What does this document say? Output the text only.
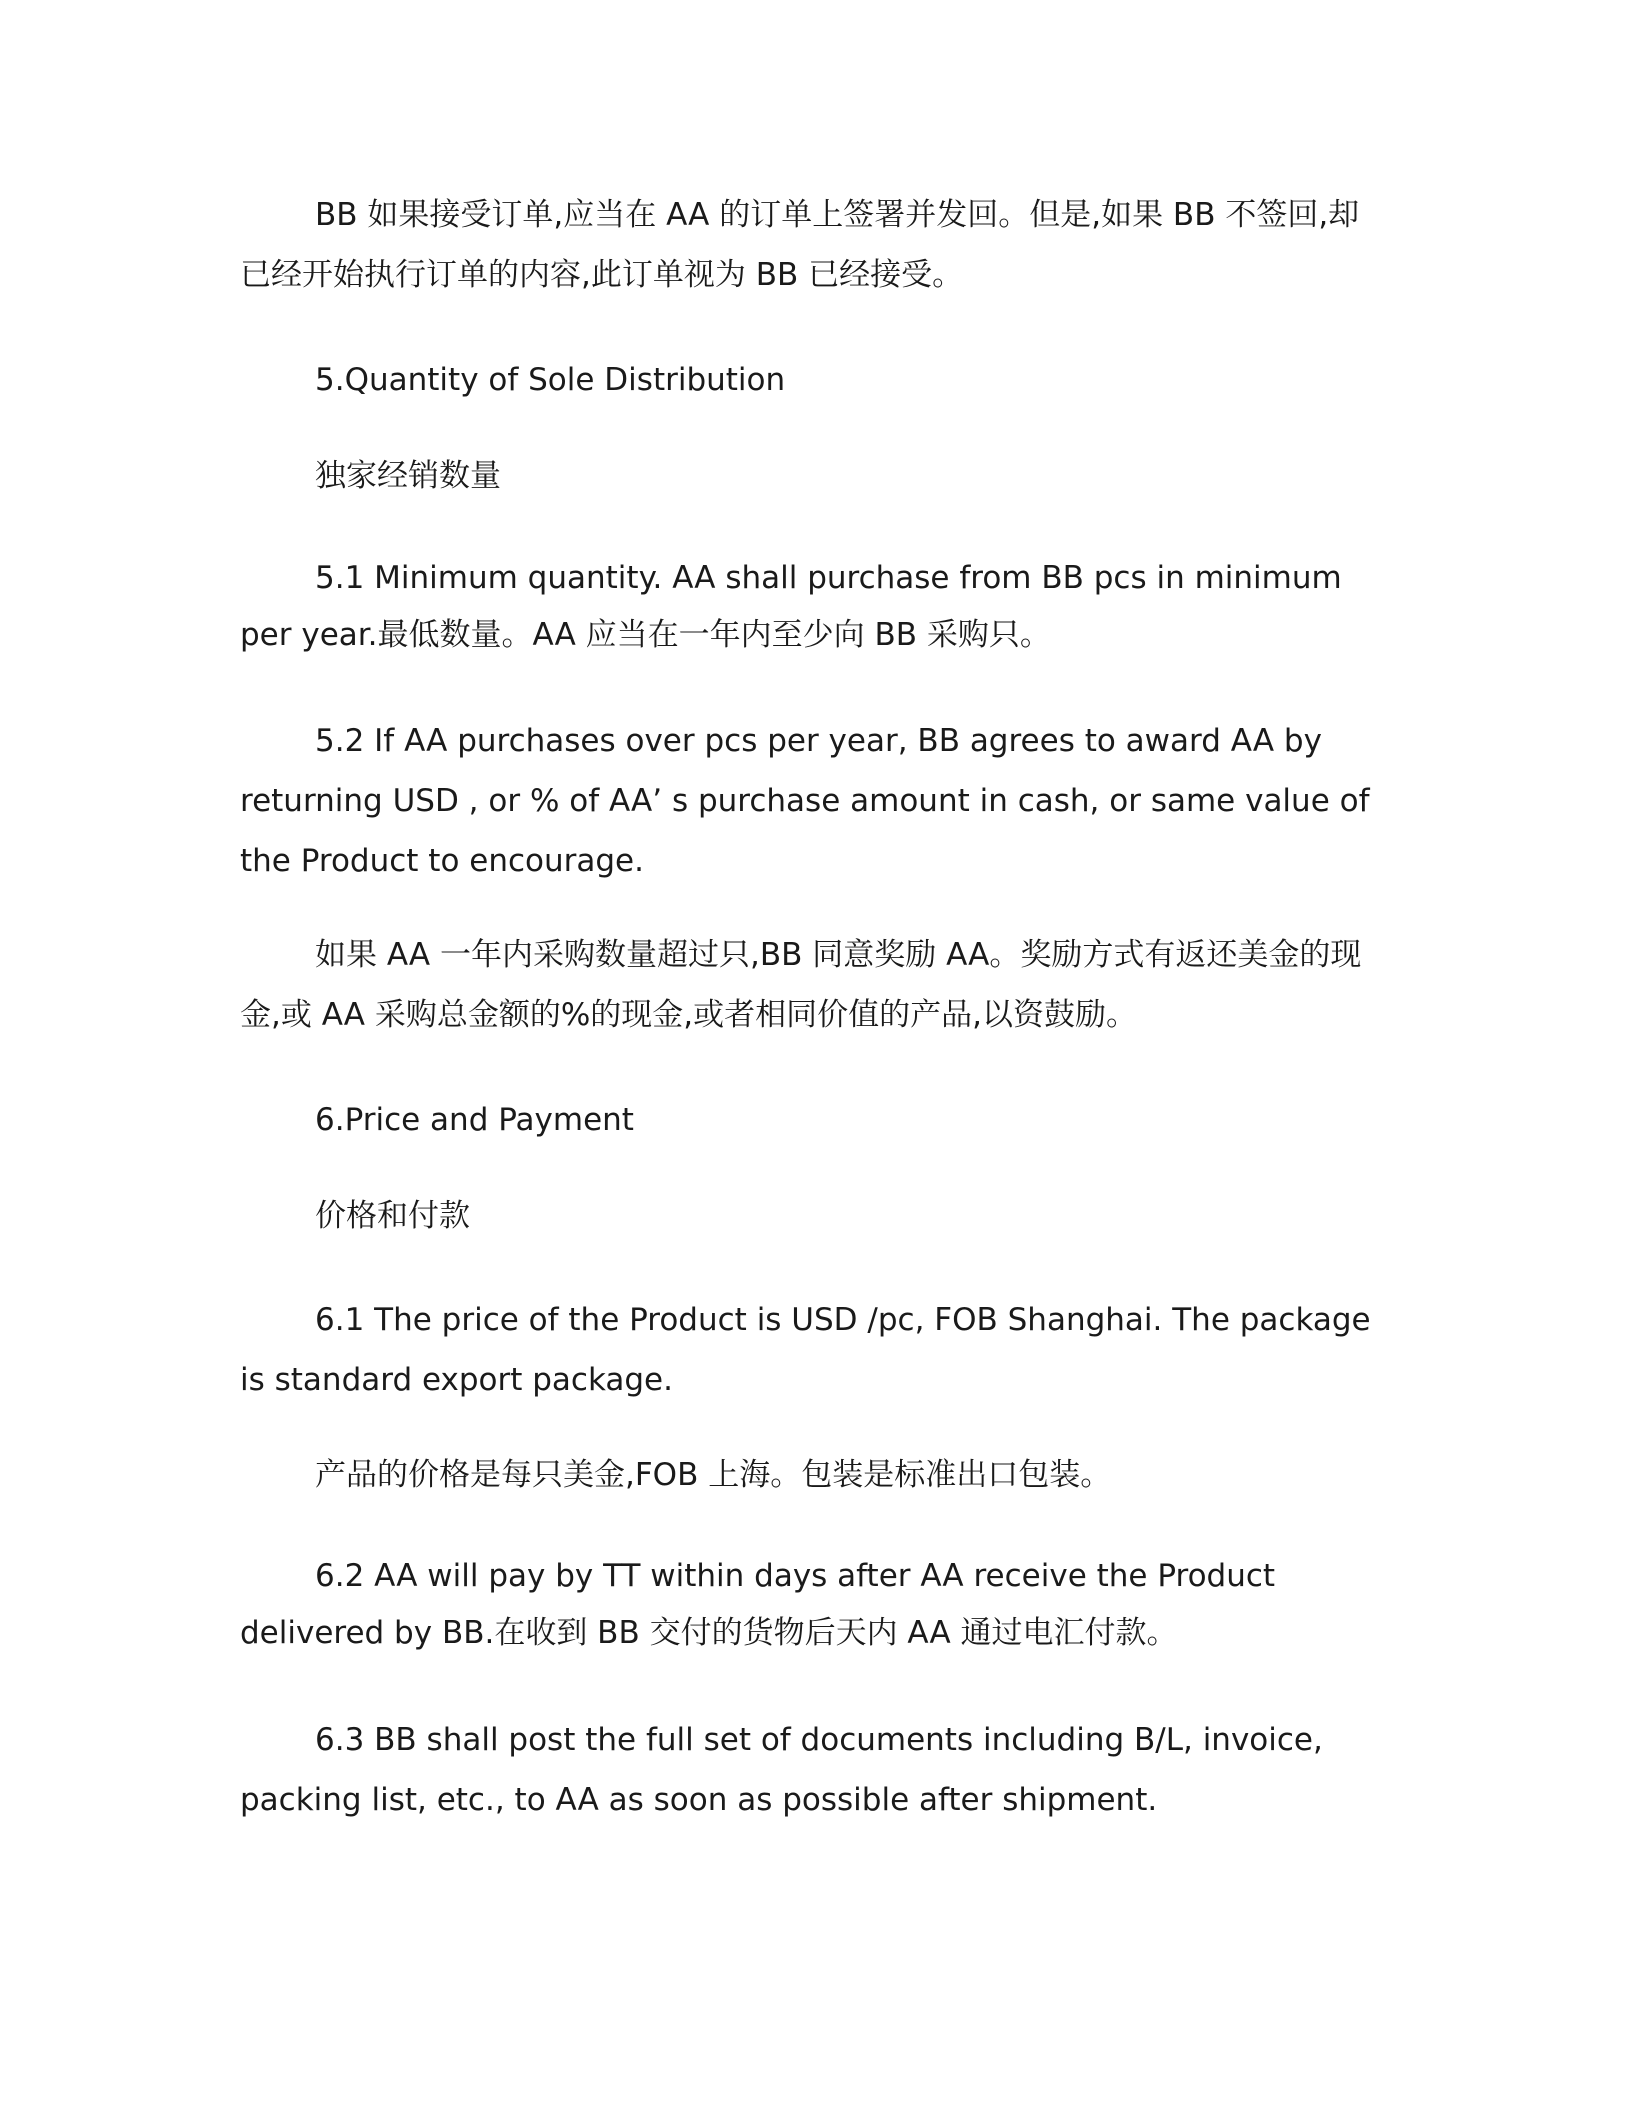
BB 如果接受订单,应当在 AA 的订单上签署并发回。但是,如果 BB 不签回,却已经开始执行订单的内容,此订单视为 BB 已经接受。

5.Quantity of Sole Distribution

独家经销数量

5.1 Minimum quantity. AA shall purchase from BB pcs in minimum per year.最低数量。AA 应当在一年内至少向 BB 采购只。

5.2 If AA purchases over pcs per year, BB agrees to award AA by returning USD , or % of AA’ s purchase amount in cash, or same value of the Product to encourage.

如果 AA 一年内采购数量超过只,BB 同意奖励 AA。奖励方式有返还美金的现金,或 AA 采购总金额的%的现金,或者相同价值的产品,以资鼓励。

6.Price and Payment

价格和付款

6.1 The price of the Product is USD /pc, FOB Shanghai. The package is standard export package.

产品的价格是每只美金,FOB 上海。包装是标准出口包装。

6.2 AA will pay by TT within days after AA receive the Product delivered by BB.在收到 BB 交付的货物后天内 AA 通过电汇付款。

6.3 BB shall post the full set of documents including B/L, invoice, packing list, etc., to AA as soon as possible after shipment.
